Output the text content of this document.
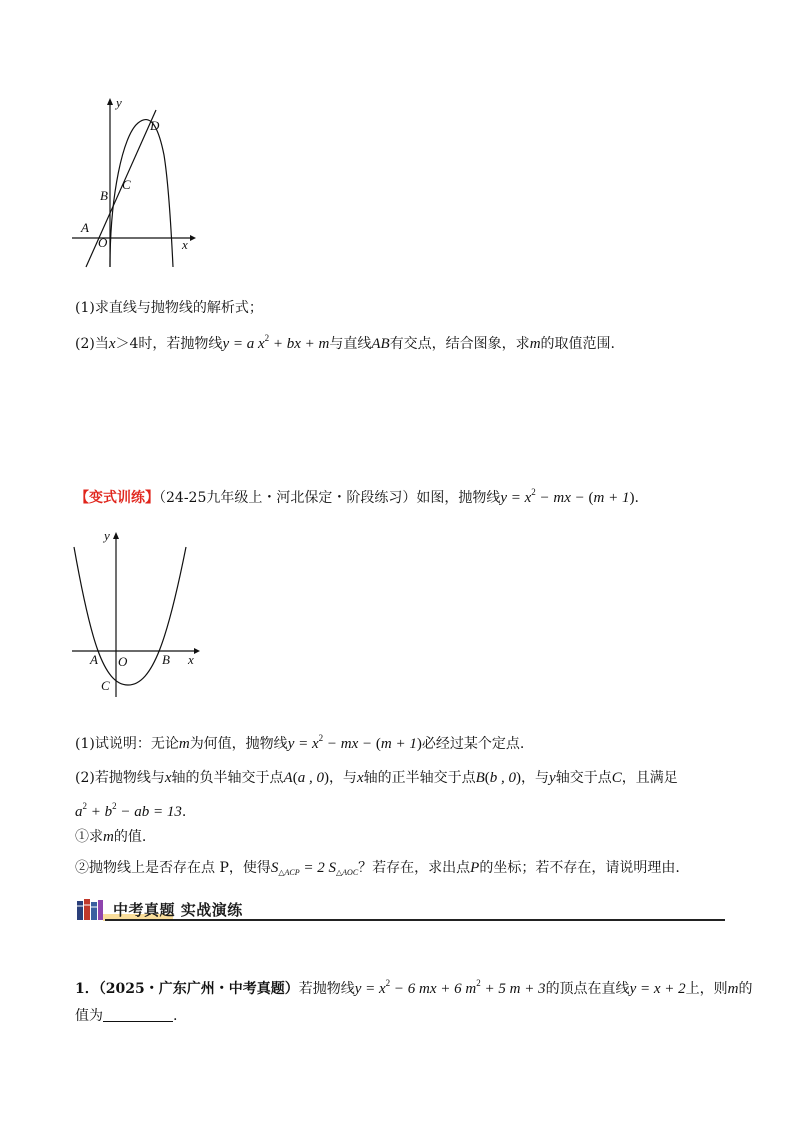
y
x
O
A
B
C
D
(1)求直线与抛物线的解析式；
(2)当x＞4时，若抛物线y = a $x^2$ + bx + m与直线AB有交点，结合图象，求m的取值范围.
【变式训练】（24-25九年级上・河北保定・阶段练习）如图，抛物线$y = x^2$ − mx − (m + 1).
y
x
O
A	B
C
(1)试说明：无论m为何值，抛物线$y = x^2$ − mx − (m + 1)必经过某个定点.
(2)若抛物线与x轴的负半轴交于点A(a , 0)，与x轴的正半轴交于点B(b , 0)，与y轴交于点C，且满足
$a^2 + b^2$ − ab = 13.
①求m的值.
②抛物线上是否存在点 P，使得$S_{\triangle ACP} = 2$ $S_{\triangle AOC}$？若存在，求出点P的坐标；若不存在，请说明理由.
中考真题 实战演练
1．（2025・广东广州・中考真题）若抛物线$y = x^2 - 6$ mx + 6 $m^2 + 5$ m + 3的顶点在直线y = x + 2上，则m的
值为	.
